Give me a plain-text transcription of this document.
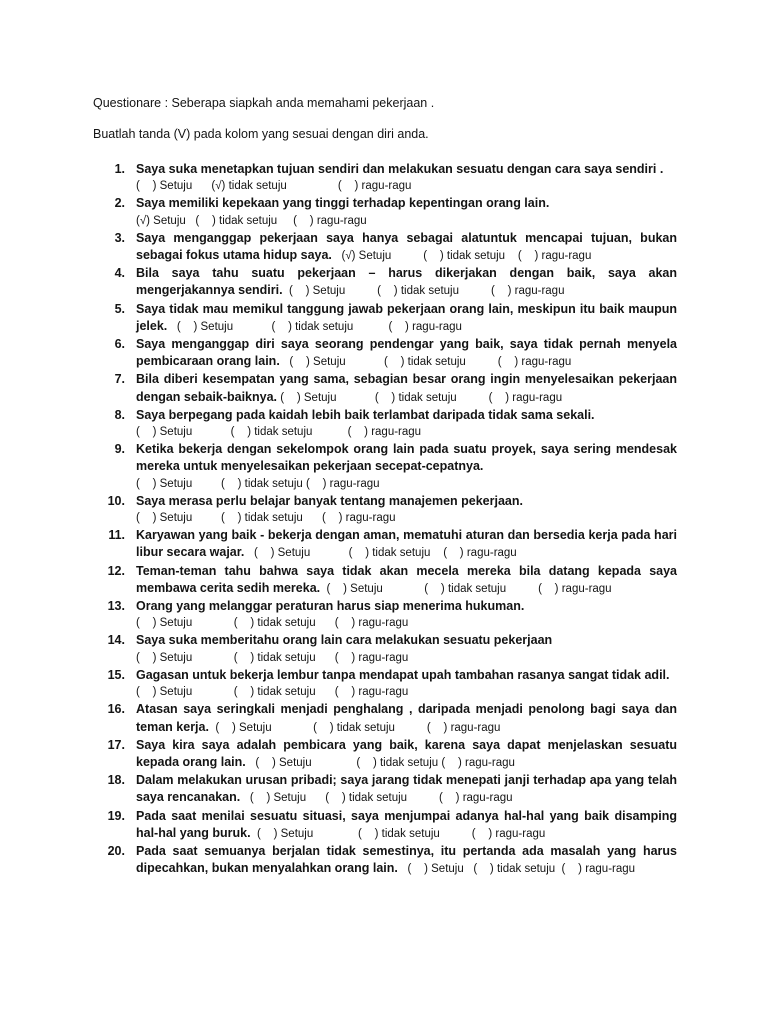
Questionare : Seberapa siapkah anda memahami pekerjaan .
Buatlah tanda (V) pada kolom yang sesuai dengan diri anda.
1. Saya suka menetapkan tujuan sendiri dan melakukan sesuatu dengan cara saya sendiri .
(    ) Setuju      (√) tidak setuju                (    ) ragu-ragu
2. Saya memiliki kepekaan yang tinggi terhadap kepentingan orang lain.
(√) Setuju   (    ) tidak setuju     (    ) ragu-ragu
3. Saya menganggap pekerjaan saya hanya sebagai alatuntuk mencapai tujuan, bukan sebagai fokus utama hidup saya. (√) Setuju          (    ) tidak setuju    (    ) ragu-ragu
4. Bila saya tahu suatu pekerjaan – harus dikerjakan dengan baik, saya akan mengerjakannya sendiri. (    ) Setuju          (    ) tidak setuju          (    ) ragu-ragu
5. Saya tidak mau memikul tanggung jawab pekerjaan orang lain, meskipun itu baik maupun jelek. (    ) Setuju            (    ) tidak setuju           (    ) ragu-ragu
6. Saya menganggap diri saya seorang pendengar yang baik, saya tidak pernah menyela pembicaraan orang lain. (    ) Setuju            (    ) tidak setuju          (    ) ragu-ragu
7. Bila diberi kesempatan yang sama, sebagian besar orang ingin menyelesaikan pekerjaan dengan sebaik-baiknya. (    ) Setuju            (    ) tidak setuju          (    ) ragu-ragu
8. Saya berpegang pada kaidah lebih baik terlambat daripada tidak sama sekali.
(    ) Setuju            (    ) tidak setuju           (    ) ragu-ragu
9. Ketika bekerja dengan sekelompok orang lain pada suatu proyek, saya sering mendesak mereka untuk menyelesaikan pekerjaan secepat-cepatnya.
(    ) Setuju         (    ) tidak setuju (    ) ragu-ragu
10. Saya merasa perlu belajar banyak tentang manajemen pekerjaan.
(    ) Setuju         (    ) tidak setuju      (    ) ragu-ragu
11. Karyawan yang baik - bekerja dengan aman, mematuhi aturan dan bersedia kerja pada hari libur secara wajar. (    ) Setuju            (    ) tidak setuju    (    ) ragu-ragu
12. Teman-teman tahu bahwa saya tidak akan mecela mereka bila datang kepada saya membawa cerita sedih mereka. (    ) Setuju             (    ) tidak setuju          (    ) ragu-ragu
13. Orang yang melanggar peraturan harus siap menerima hukuman.
(    ) Setuju             (    ) tidak setuju      (    ) ragu-ragu
14. Saya suka memberitahu orang lain cara melakukan sesuatu pekerjaan
(    ) Setuju             (    ) tidak setuju      (    ) ragu-ragu
15. Gagasan untuk bekerja lembur tanpa mendapat upah tambahan rasanya sangat tidak adil.
(    ) Setuju             (    ) tidak setuju      (    ) ragu-ragu
16. Atasan saya seringkali menjadi penghalang , daripada menjadi penolong bagi saya dan teman kerja. (    ) Setuju             (    ) tidak setuju          (    ) ragu-ragu
17. Saya kira saya adalah pembicara yang baik, karena saya dapat menjelaskan sesuatu kepada orang lain. (    ) Setuju              (    ) tidak setuju (    ) ragu-ragu
18. Dalam melakukan urusan pribadi; saya jarang tidak menepati janji terhadap apa yang telah saya rencanakan. (    ) Setuju      (    ) tidak setuju          (    ) ragu-ragu
19. Pada saat menilai sesuatu situasi, saya menjumpai adanya hal-hal yang baik disamping hal-hal yang buruk. (    ) Setuju              (    ) tidak setuju          (    ) ragu-ragu
20. Pada saat semuanya berjalan tidak semestinya, itu pertanda ada masalah yang harus dipecahkan, bukan menyalahkan orang lain. (    ) Setuju   (    ) tidak setuju  (    ) ragu-ragu
